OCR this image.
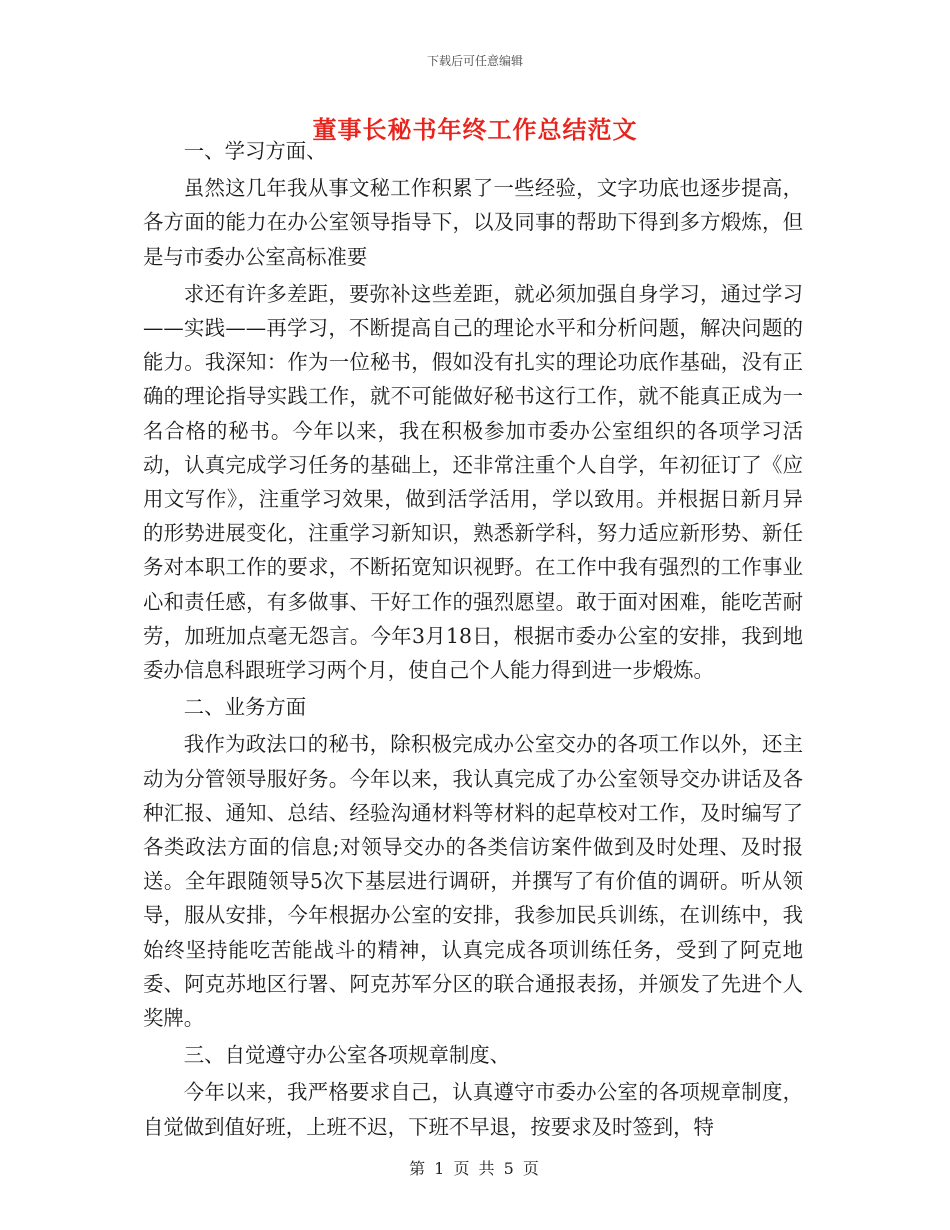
下载后可任意编辑
董事长秘书年终工作总结范文

一、学习方面、

虽然这几年我从事文秘工作积累了一些经验，文字功底也逐步提高，各方面的能力在办公室领导指导下，以及同事的帮助下得到多方煅炼，但是与市委办公室高标准要

求还有许多差距，要弥补这些差距，就必须加强自身学习，通过学习——实践——再学习，不断提高自己的理论水平和分析问题，解决问题的能力。我深知：作为一位秘书，假如没有扎实的理论功底作基础，没有正确的理论指导实践工作，就不可能做好秘书这行工作，就不能真正成为一名合格的秘书。今年以来，我在积极参加市委办公室组织的各项学习活动，认真完成学习任务的基础上，还非常注重个人自学，年初征订了《应用文写作》，注重学习效果，做到活学活用，学以致用。并根据日新月异的形势进展变化，注重学习新知识，熟悉新学科，努力适应新形势、新任务对本职工作的要求，不断拓宽知识视野。在工作中我有强烈的工作事业心和责任感，有多做事、干好工作的强烈愿望。敢于面对困难，能吃苦耐劳，加班加点毫无怨言。今年3月18日，根据市委办公室的安排，我到地委办信息科跟班学习两个月，使自己个人能力得到进一步煅炼。

二、业务方面

我作为政法口的秘书，除积极完成办公室交办的各项工作以外，还主动为分管领导服好务。今年以来，我认真完成了办公室领导交办讲话及各种汇报、通知、总结、经验沟通材料等材料的起草校对工作，及时编写了各类政法方面的信息;对领导交办的各类信访案件做到及时处理、及时报送。全年跟随领导5次下基层进行调研，并撰写了有价值的调研。听从领导，服从安排，今年根据办公室的安排，我参加民兵训练，在训练中，我始终坚持能吃苦能战斗的精神，认真完成各项训练任务，受到了阿克地委、阿克苏地区行署、阿克苏军分区的联合通报表扬，并颁发了先进个人奖牌。

三、自觉遵守办公室各项规章制度、

今年以来，我严格要求自己，认真遵守市委办公室的各项规章制度，自觉做到值好班，上班不迟，下班不早退，按要求及时签到，特

第 1 页 共 5 页
